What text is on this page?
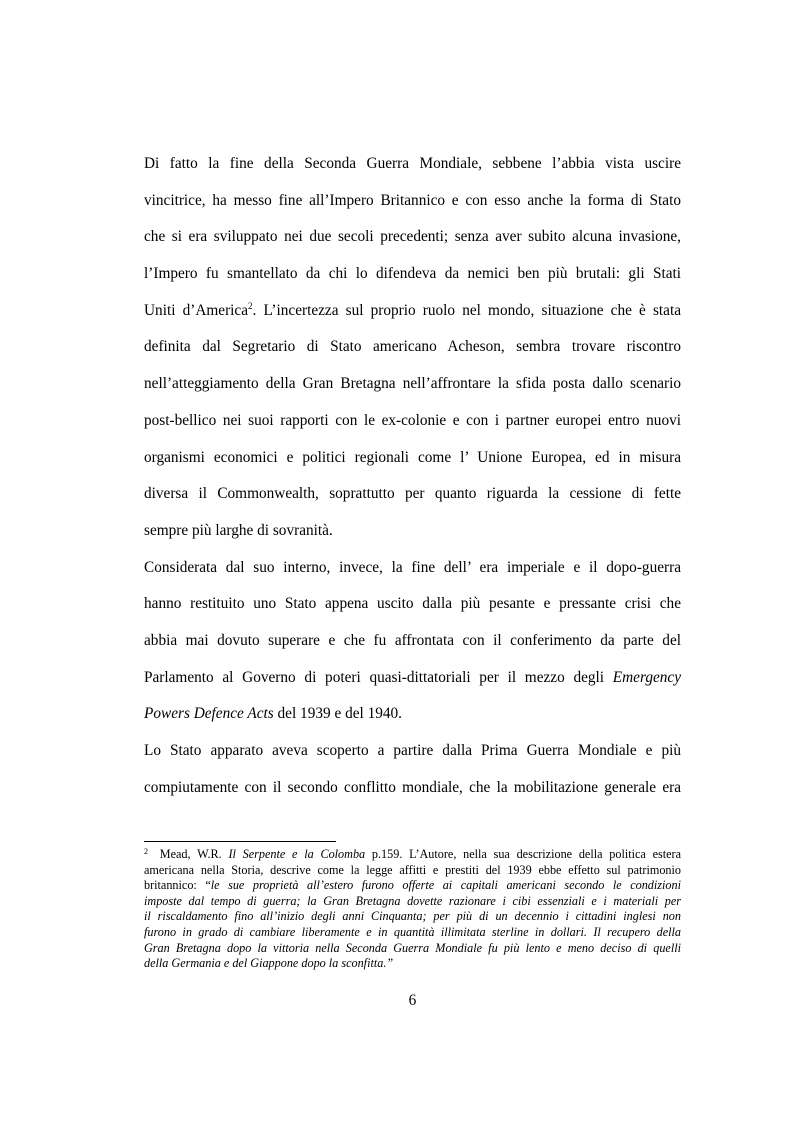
Di fatto la fine della Seconda Guerra Mondiale, sebbene l’abbia vista uscire
vincitrice, ha messo fine all’Impero Britannico e con esso anche la forma di Stato
che si era sviluppato nei due secoli precedenti; senza aver subito alcuna invasione,
l’Impero fu smantellato da chi lo difendeva da nemici ben più brutali: gli Stati
Uniti d’America$^2$. L’incertezza sul proprio ruolo nel mondo, situazione che è stata
definita dal Segretario di Stato americano Acheson, sembra trovare riscontro
nell’atteggiamento della Gran Bretagna nell’affrontare la sfida posta dallo scenario
post-bellico nei suoi rapporti con le ex-colonie e con i partner europei entro nuovi
organismi economici e politici regionali come l’ Unione Europea, ed in misura
diversa il Commonwealth, soprattutto per quanto riguarda la cessione di fette
sempre più larghe di sovranità.
Considerata dal suo interno, invece, la fine dell’ era imperiale e il dopo-guerra
hanno restituito uno Stato appena uscito dalla più pesante e pressante crisi che
abbia mai dovuto superare e che fu affrontata con il conferimento da parte del
Parlamento al Governo di poteri quasi-dittatoriali per il mezzo degli Emergency
Powers Defence Acts del 1939 e del 1940.
Lo Stato apparato aveva scoperto a partire dalla Prima Guerra Mondiale e più
compiutamente con il secondo conflitto mondiale, che la mobilitazione generale era
$^2$ Mead, W.R. Il Serpente e la Colomba p.159. L’Autore, nella sua descrizione della politica estera
americana nella Storia, descrive come la legge affitti e prestiti del 1939 ebbe effetto sul patrimonio
britannico: “le sue proprietà all’estero furono offerte ai capitali americani secondo le condizioni
imposte dal tempo di guerra; la Gran Bretagna dovette razionare i cibi essenziali e i materiali per
il riscaldamento fino all’inizio degli anni Cinquanta; per più di un decennio i cittadini inglesi non
furono in grado di cambiare liberamente e in quantità illimitata sterline in dollari. Il recupero della
Gran Bretagna dopo la vittoria nella Seconda Guerra Mondiale fu più lento e meno deciso di quelli
della Germania e del Giappone dopo la sconfitta.”
6
